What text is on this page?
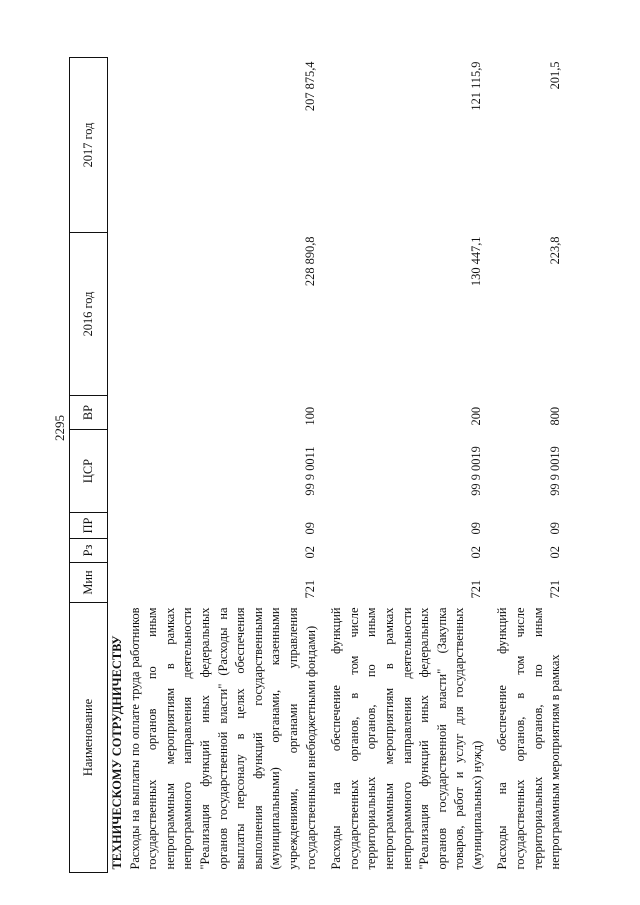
2295
Наименование	Мин	Рз	ПР	ЦСР	ВР	2016 год	2017 год
ТЕХНИЧЕСКОМУ СОТРУДНИЧЕСТВУ							
Расходы на выплаты по оплате труда работников государственных органов по иным непрограммным мероприятиям в рамках непрограммного направления деятельности "Реализация функций иных федеральных органов государственной власти" (Расходы на выплаты персоналу в целях обеспечения выполнения функций государственными (муниципальными) органами, казенными учреждениями, органами управления государственными внебюджетными фондами)	721	02	09	99 9 0011	100	228 890,8	207 875,4
Расходы на обеспечение функций государственных органов, в том числе территориальных органов, по иным непрограммным мероприятиям в рамках непрограммного направления деятельности "Реализация функций иных федеральных органов государственной власти" (Закупка товаров, работ и услуг для государственных (муниципальных) нужд)	721	02	09	99 9 0019	200	130 447,1	121 115,9
Расходы на обеспечение функций государственных органов, в том числе территориальных органов, по иным непрограммным мероприятиям в рамках	721	02	09	99 9 0019	800	223,8	201,5
